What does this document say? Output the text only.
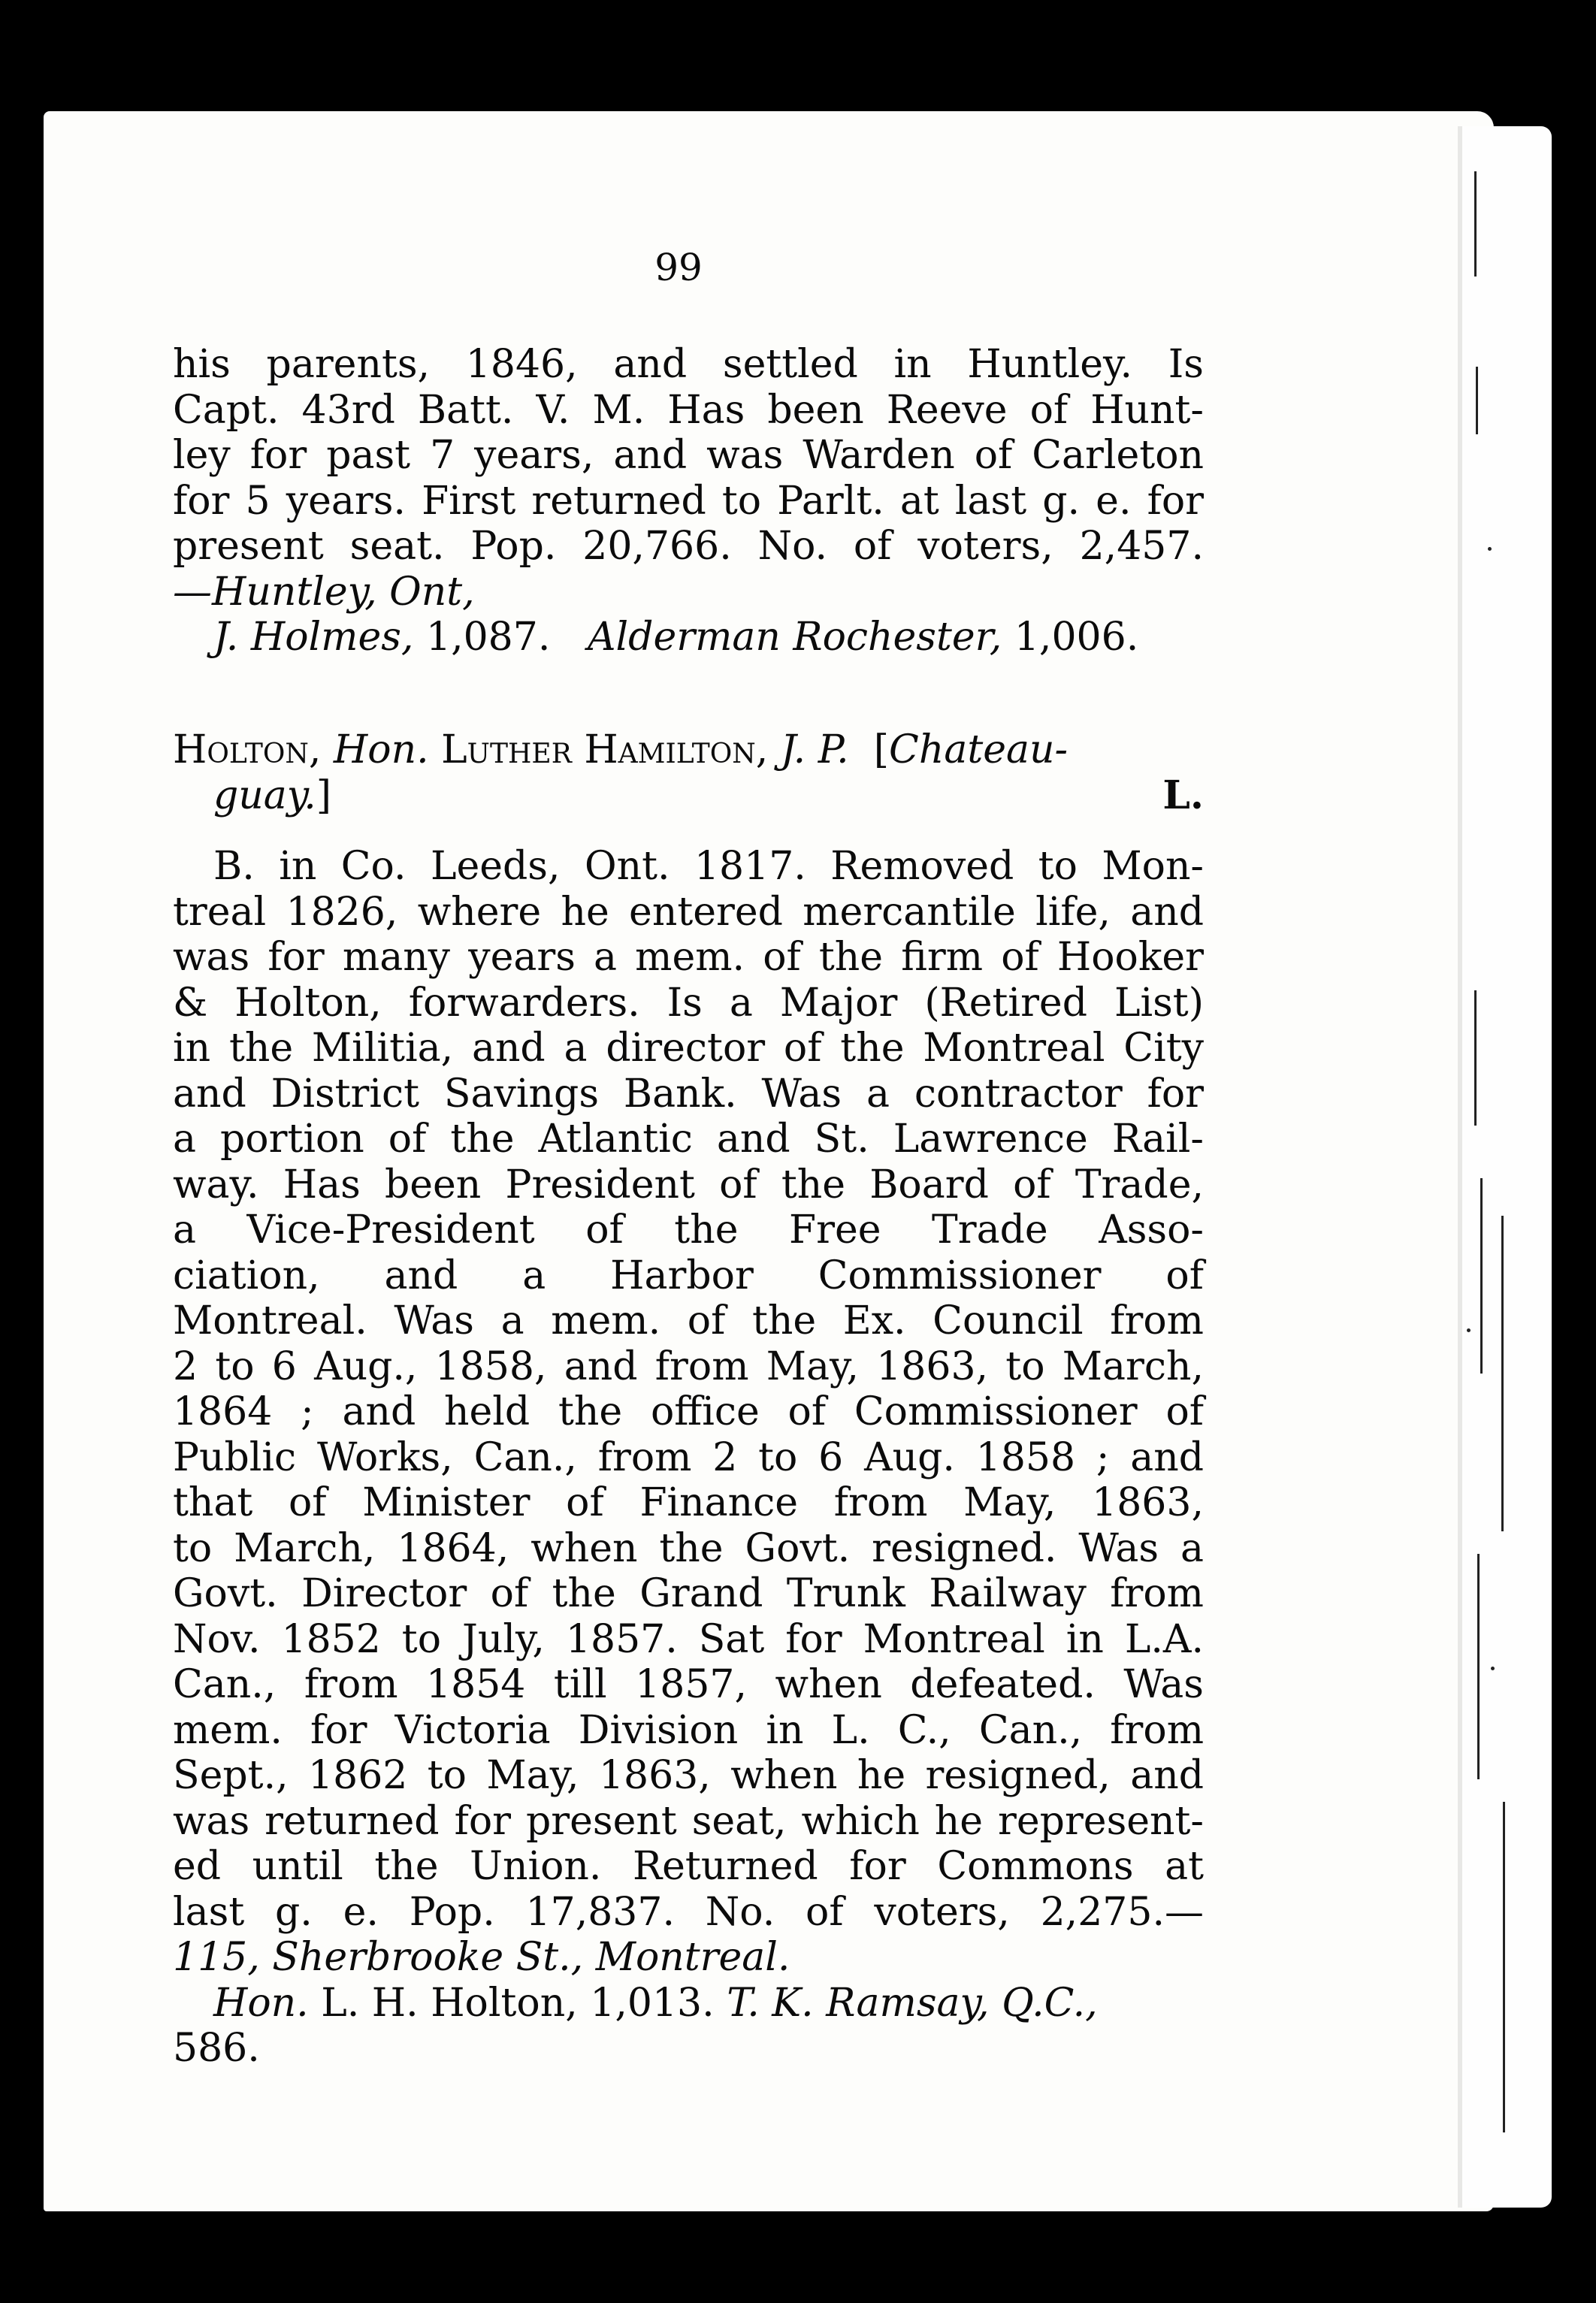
99
his parents, 1846, and settled in Huntley. Is
Capt. 43rd Batt. V. M. Has been Reeve of Hunt-
ley for past 7 years, and was Warden of Carleton
for 5 years. First returned to Parlt. at last g. e. for
present seat. Pop. 20,766. No. of voters, 2,457.
—Huntley, Ont,
J. Holmes, 1,087. Alderman Rochester, 1,006.
Holton, Hon. Luther Hamilton, J. P. [Chateau-
guay.]	L.
B. in Co. Leeds, Ont. 1817. Removed to Mon-
treal 1826, where he entered mercantile life, and
was for many years a mem. of the firm of Hooker
& Holton, forwarders. Is a Major (Retired List)
in the Militia, and a director of the Montreal City
and District Savings Bank. Was a contractor for
a portion of the Atlantic and St. Lawrence Rail-
way. Has been President of the Board of Trade,
a Vice-President of the Free Trade Asso-
ciation, and a Harbor Commissioner of
Montreal. Was a mem. of the Ex. Council from
2 to 6 Aug., 1858, and from May, 1863, to March,
1864 ; and held the office of Commissioner of
Public Works, Can., from 2 to 6 Aug. 1858 ; and
that of Minister of Finance from May, 1863,
to March, 1864, when the Govt. resigned. Was a
Govt. Director of the Grand Trunk Railway from
Nov. 1852 to July, 1857. Sat for Montreal in L.A.
Can., from 1854 till 1857, when defeated. Was
mem. for Victoria Division in L. C., Can., from
Sept., 1862 to May, 1863, when he resigned, and
was returned for present seat, which he represent-
ed until the Union. Returned for Commons at
last g. e. Pop. 17,837. No. of voters, 2,275.—
115, Sherbrooke St., Montreal.
Hon. L. H. Holton, 1,013. T. K. Ramsay, Q.C.,
586.
